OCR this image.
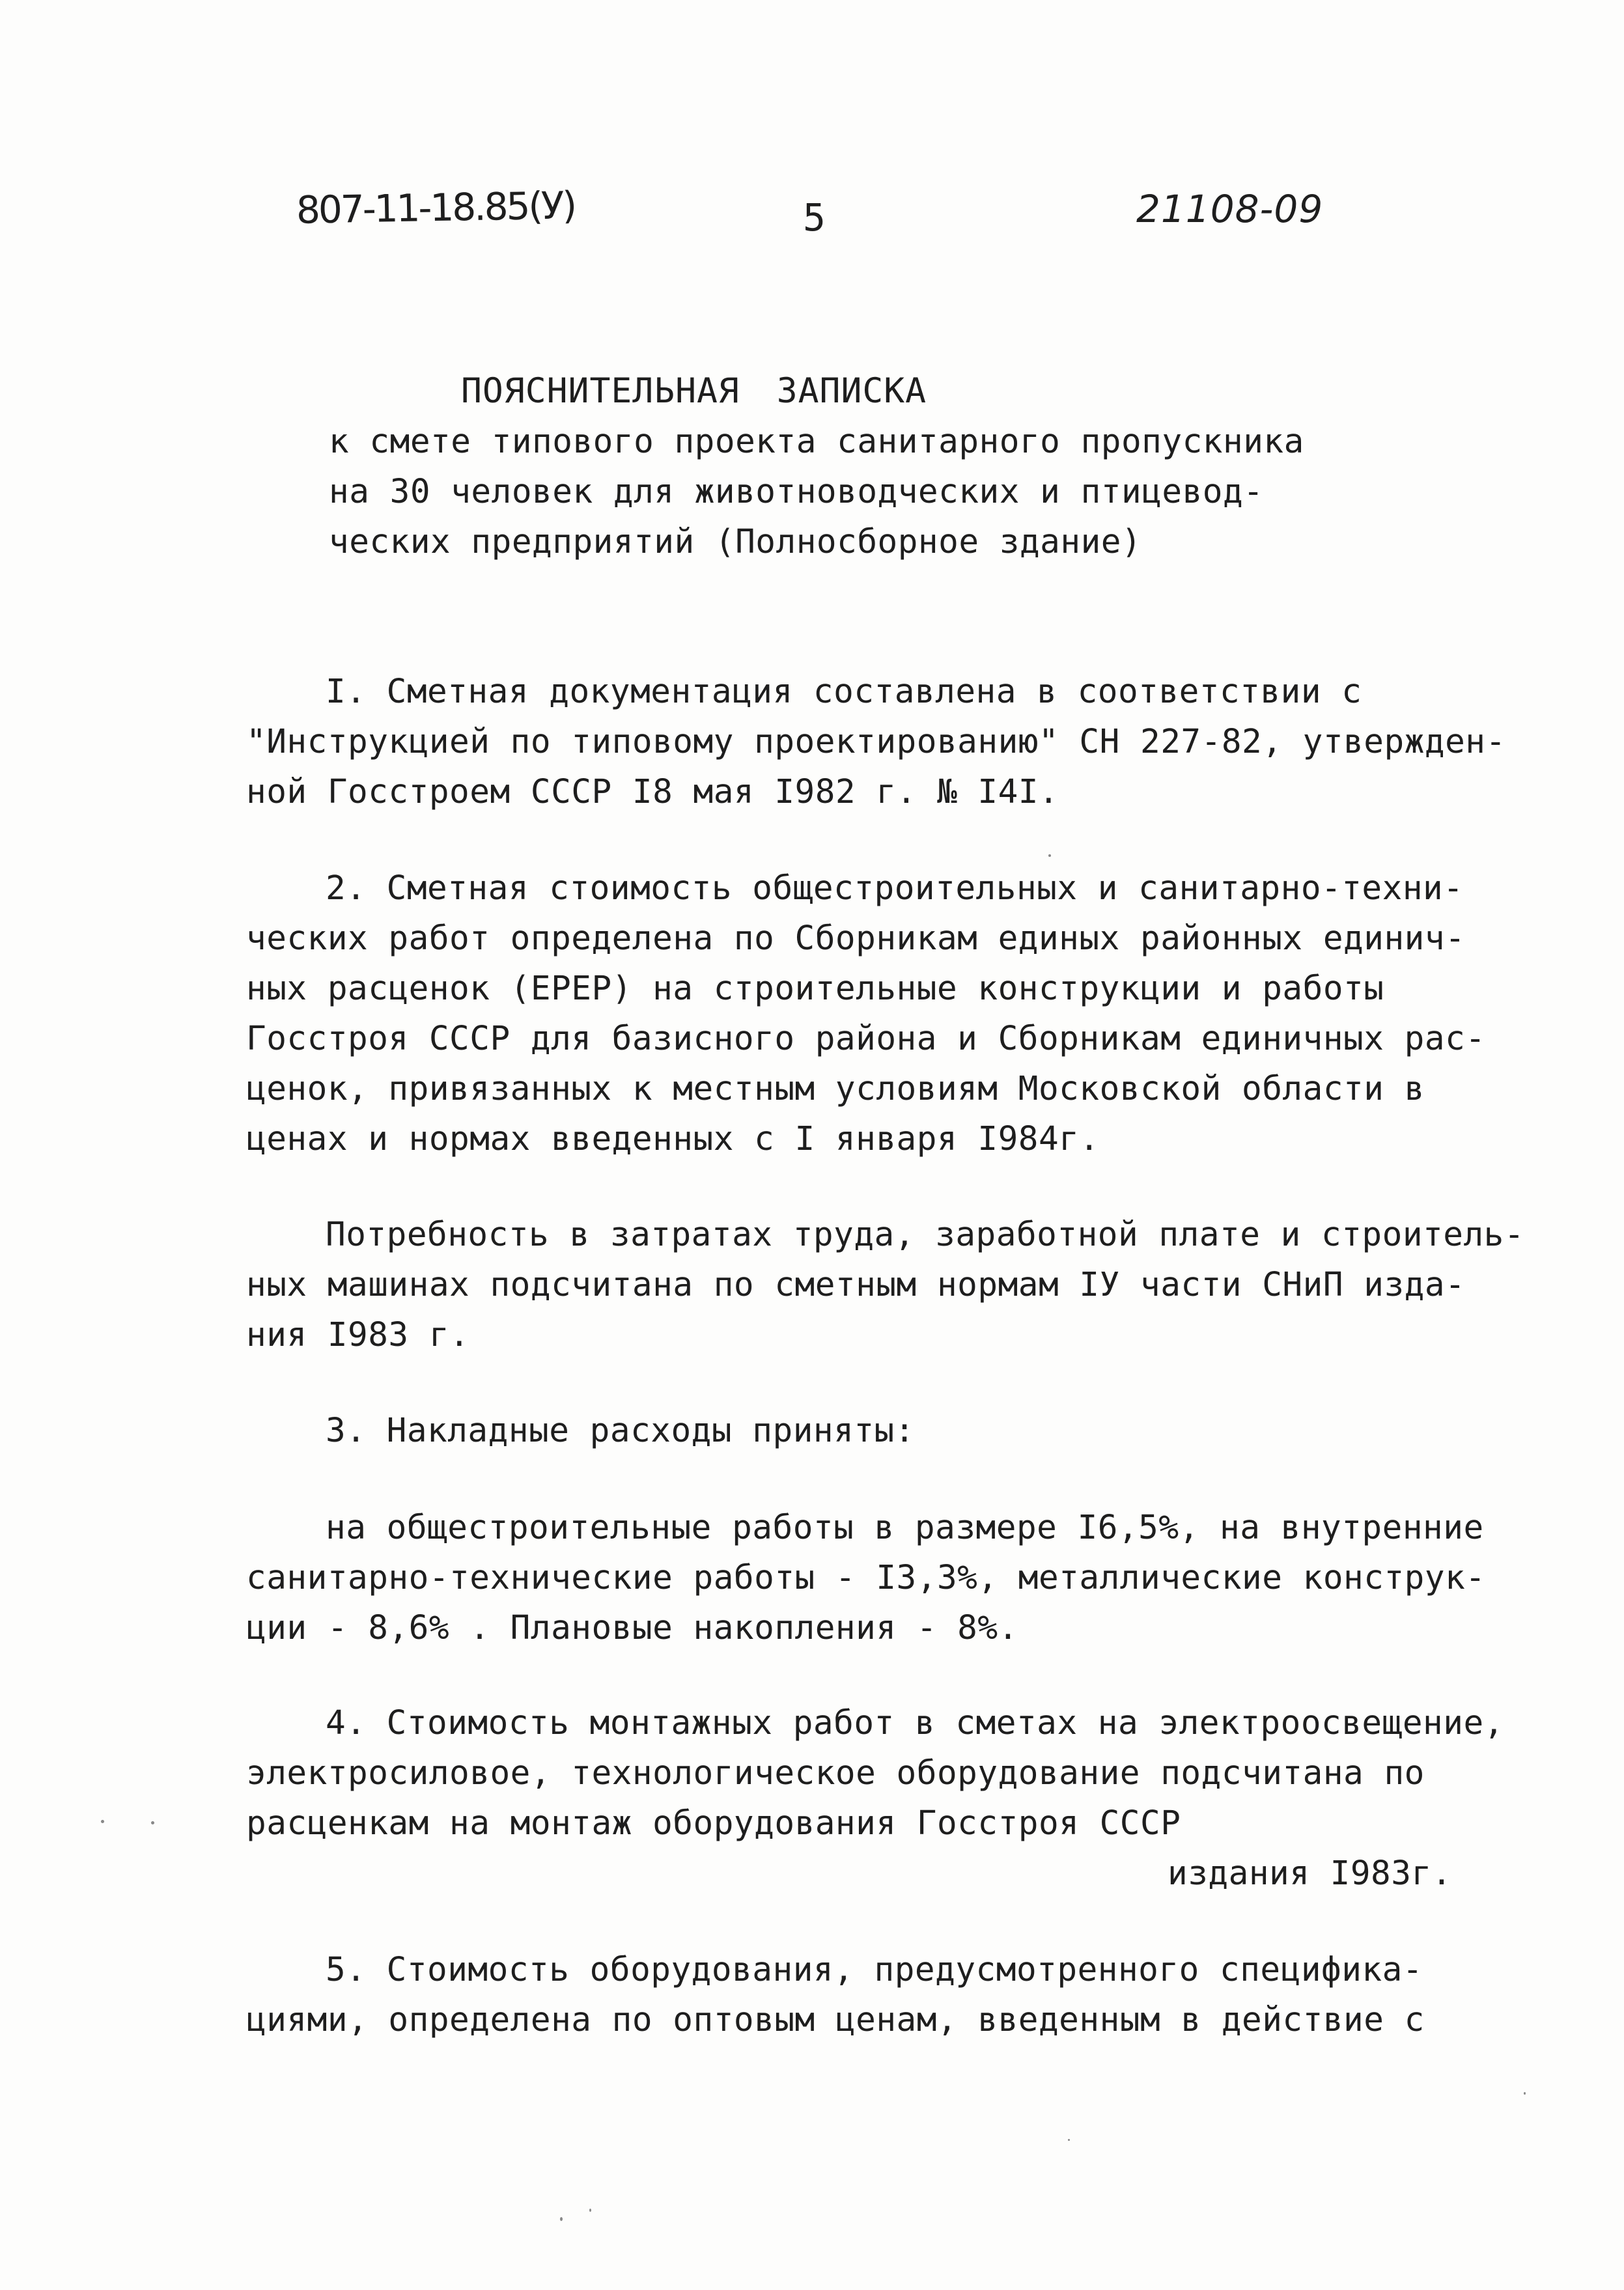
807-11-18.85(У)	5	21108-09
ПОЯСНИТЕЛЬНАЯ ЗАПИСКА
к смете типового проекта санитарного пропускника
на 30 человек для животноводческих и птицевод-
ческих предприятий (Полносборное здание)
I. Сметная документация составлена в соответствии с
"Инструкцией по типовому проектированию" СН 227-82, утвержден-
ной Госстроем СССР I8 мая I982 г. № I4I.
2. Сметная стоимость общестроительных и санитарно-техни-
ческих работ определена по Сборникам единых районных единич-
ных расценок (ЕРЕР) на строительные конструкции и работы
Госстроя СССР для базисного района и Сборникам единичных рас-
ценок, привязанных к местным условиям Московской области в
ценах и нормах введенных с I января I984г.
Потребность в затратах труда, заработной плате и строитель-
ных машинах подсчитана по сметным нормам IУ части СНиП изда-
ния I983 г.
3. Накладные расходы приняты:
на общестроительные работы в размере I6,5%, на внутренние
санитарно-технические работы - I3,3%, металлические конструк-
ции - 8,6% . Плановые накопления - 8%.
4. Стоимость монтажных работ в сметах на электроосвещение,
электросиловое, технологическое оборудование подсчитана по
расценкам на монтаж оборудования Госстроя СССР
издания I983г.
5. Стоимость оборудования, предусмотренного специфика-
циями, определена по оптовым ценам, введенным в действие с
